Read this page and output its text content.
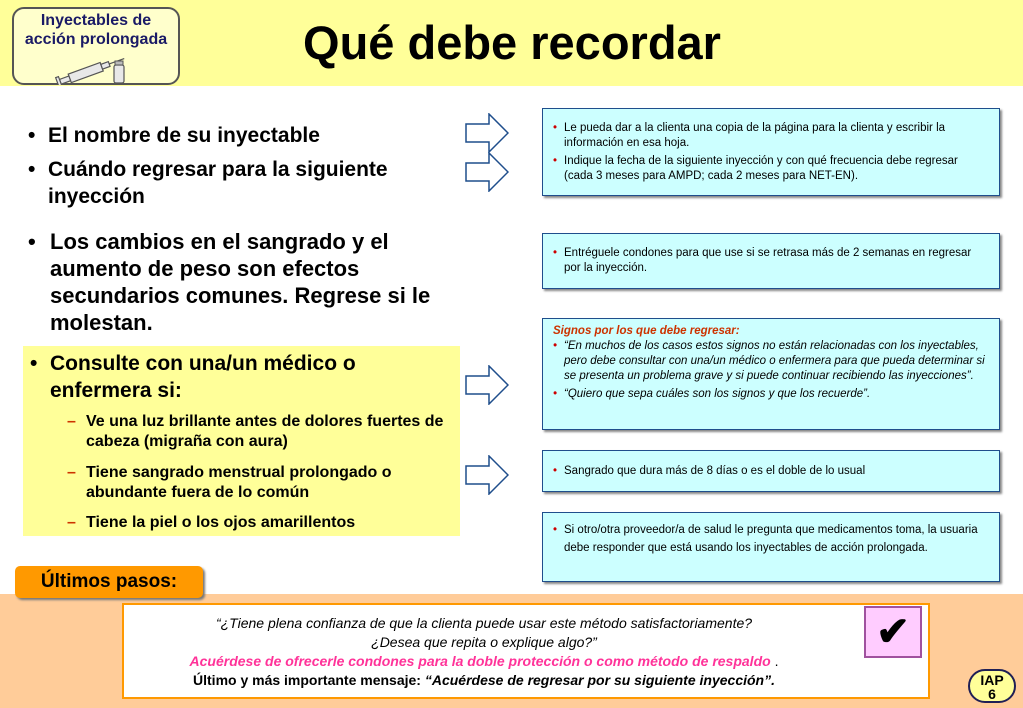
Inyectables de
acción prolongada	Qué debe recordar
• El nombre de su inyectable
• Cuándo regresar para la siguiente inyección
• Los cambios en el sangrado y el aumento de peso son efectos secundarios comunes. Regrese si le molestan.
• Consulte con una/un médico o enfermera si:
– Ve una luz brillante antes de dolores fuertes de cabeza (migraña con aura)
– Tiene sangrado menstrual prolongado o abundante fuera de lo común
– Tiene la piel o los ojos amarillentos
• Le pueda dar a la clienta una copia de la página para la clienta y escribir la información en esa hoja.
• Indique la fecha de la siguiente inyección y con qué frecuencia debe regresar (cada 3 meses para AMPD; cada 2 meses para NET-EN).
• Entréguele condones para que use si se retrasa más de 2 semanas en regresar por la inyección.
Signos por los que debe regresar:
• “En muchos de los casos estos signos no están relacionadas con los inyectables, pero debe consultar con una/un médico o enfermera para que pueda determinar si se presenta un problema grave y si puede continuar recibiendo las inyecciones”.
• “Quiero que sepa cuáles son los signos y que los recuerde”.
• Sangrado que dura más de 8 días o es el doble de lo usual
• Si otro/otra proveedor/a de salud le pregunta que medicamentos toma, la usuaria debe responder que está usando los inyectables de acción prolongada.
Últimos pasos:
“¿Tiene plena confianza de que la clienta puede usar este método satisfactoriamente?
¿Desea que repita o explique algo?”
Acuérdese de ofrecerle condones para la doble protección o como método de respaldo .
Último y más importante mensaje: “Acuérdese de regresar por su siguiente inyección”.
✔
IAP
6
